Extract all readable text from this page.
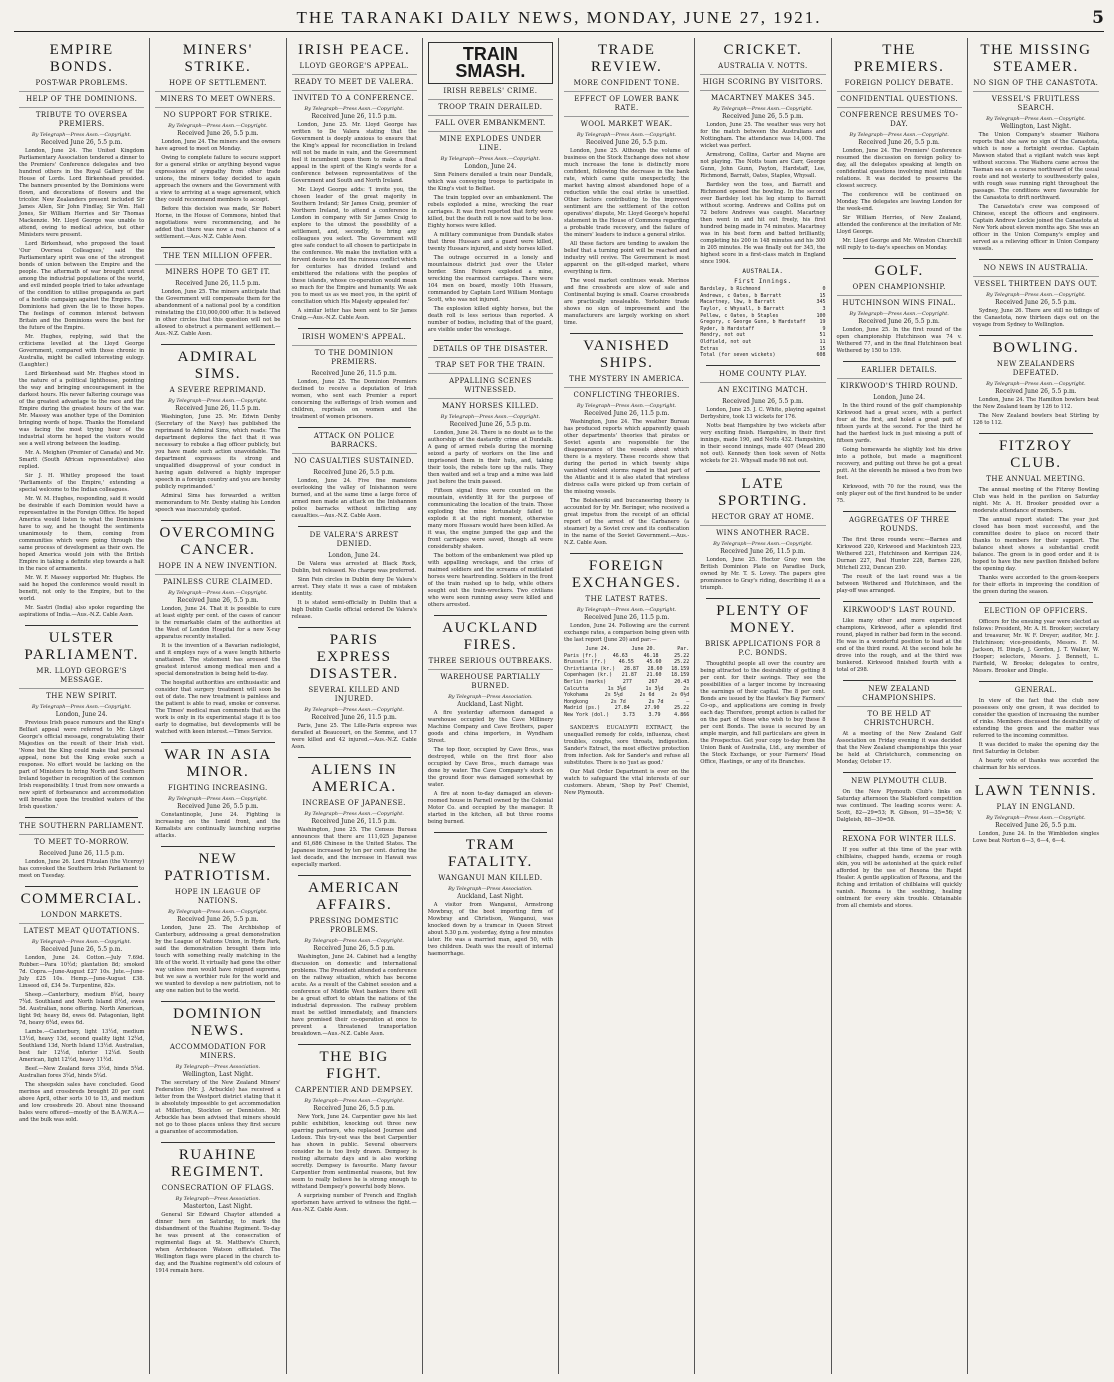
THE TARANAKI DAILY NEWS, MONDAY, JUNE 27, 1921.	5
EMPIRE BONDS.
POST-WAR PROBLEMS.
HELP OF THE DOMINIONS.
TRIBUTE TO OVERSEA PREMIERS.
By Telegraph—Press Assn.—Copyright.
Received June 26, 5.5 p.m.

London, June 24. The United Kingdom Parliamentary Association tendered a dinner to the Premiers' Conference delegates and two hundred others in the Royal Gallery of the House of Lords. Lord Birkenhead presided. The banners presented by the Dominions were flown, and decorations of flowers and the tricolor. New Zealanders present included Sir James Allen, Sir John Findlay, Sir Wm. Hall Jones, Sir William Herries and Sir Thomas Mackenzie. Mr. Lloyd George was unable to attend, owing to medical advice, but other Ministers were present.

Lord Birkenhead, who proposed the toast 'Our Oversea Colleagues,' said the Parliamentary spirit was one of the strongest bonds of union between the Empire and the people. The aftermath of war brought unrest among the industrial populations of the world, and evil minded people tried to take advantage of the condition to utilise propaganda as part of a hostile campaign against the Empire. The Dominions had given the lie to those hopes. The feelings of common interest between Britain and the Dominions were the best for the future of the Empire.

Mr. Hughes, replying, said that the criticisms levelled at the Lloyd George Government, compared with those chronic in Australia, might be called interesting eulogy. (Laughter.)

Lord Birkenhead said Mr. Hughes stood in the nature of a political lighthouse, pointing the way and bringing encouragement in the darkest hours. His never faltering courage was of the greatest advantage to the race and the Empire during the greatest hours of the war. Mr. Massey was another type of the Dominion bringing words of hope. Thanks the Homeland was facing the most trying hour of the industrial storm he hoped the visitors would see a well strong between the leading.

Mr. A. Meighen (Premier of Canada) and Mr. Smartt (South African representative) also replied.

Sir J. H. Whitley proposed the toast 'Parliaments of the Empire,' extending a special welcome to the Indian colleagues.

Mr. W. M. Hughes, responding, said it would be desirable if each Dominion would have a representative in the Foreign Office. He hoped America would listen to what the Dominions have to say, and he thought the sentiments unanimously to them, coming from communities which were going through the same process of development as their own. He hoped America would join with the British Empire in taking a definite step towards a halt in the race of armaments.

Mr. W. F. Massey supported Mr. Hughes. He said he hoped the conference would result in benefit, not only to the Empire, but to the world.

Mr. Sastri (India) also spoke regarding the aspirations of India.—Aus.-N.Z. Cable Assn.

ULSTER PARLIAMENT.
MR. LLOYD GEORGE'S MESSAGE.
THE NEW SPIRIT.
By Telegraph—Press Assn.—Copyright.
London, June 24.

Previous Irish peace rumours and the King's Belfast appeal were referred to Mr. Lloyd George's official message, congratulating their Majesties on the result of their Irish visit. 'None but the King could make that personal appeal, none but the King evoke such a response. No effort would be lacking on the part of Ministers to bring North and Southern Ireland together in recognition of the common Irish responsibility. I trust from now onwards a new spirit of forbearance and accommodation will breathe upon the troubled waters of the Irish question.'

THE SOUTHERN PARLIAMENT.
TO MEET TO-MORROW.
Received June 26, 11.5 p.m.

London, June 26. Lord Fitzalan (the Viceroy) has convoked the Southern Irish Parliament to meet on Tuesday.

COMMERCIAL.
LONDON MARKETS.
LATEST MEAT QUOTATIONS.
By Telegraph—Press Assn.—Copyright.
Received June 26, 5.5 p.m.

London, June 24. Cotton.—July 7.69d. Rubber.—Para 10½d; plantation 8d; smoked 7d. Copra.—June-August £27 10s. Jute.—June-July £25 10s. Hemp.—June-August £38. Linseed oil, £34 5s. Turpentine, 82s.

Sheep.—Canterbury, medium 8¼d, heavy 7¾d. Southland and North Island 8½d, ewes 5d. Australian, none offering. North American, light 9d; heavy 8d, ewes 6d. Patagonian, light 7d, heavy 6¾d, ewes 6d.

Lambs.—Canterbury, light 13½d, medium 13½d, heavy 13d, second quality light 12¾d, Southland 13d, North Island 13½d. Australian, best fair 12½d, inferior 12¼d. South American, light 12½d, heavy 11½d.

Beef.—New Zealand fores 3½d, hinds 5¾d. Australian fores 3¼d, hinds 5¼d.

The sheepskin sales have concluded. Good merinos and crossbreds brought 20 per cent above April, other sorts 10 to 15, and medium and low crossbreds 20. About nine thousand bales were offered—mostly of the B.A.W.R.A.—and the bulk was sold.

MINERS' STRIKE.
HOPE OF SETTLEMENT.
MINERS TO MEET OWNERS.
NO SUPPORT FOR STRIKE.
By Telegraph—Press Assn.—Copyright.
Received June 26, 5.5 p.m.

London, June 24. The miners and the owners have agreed to meet on Monday.

Owing to complete failure to secure support for a general strike or anything beyond vague expressions of sympathy from other trade unions, the miners today decided to again approach the owners and the Government with a view to arriving at a wage agreement, which they could recommend members to accept.

Before this decision was made, Sir Robert Horne, in the House of Commons, hinted that negotiations were recommencing, and he added that there was now a real chance of a settlement.—Aus.-N.Z. Cable Assn.

THE TEN MILLION OFFER.
MINERS HOPE TO GET IT.
Received June 26, 11.5 p.m.

London, June 25. The miners anticipate that the Government will compensate them for the abandonment of a national pool by a condition reinstating the £10,000,000 offer. It is believed in other circles that this question will not be allowed to obstruct a permanent settlement.—Aus.-N.Z. Cable Assn.

ADMIRAL SIMS.
A SEVERE REPRIMAND.
By Telegraph—Press Assn.—Copyright.
Received June 26, 11.5 p.m.

Washington, June 25. Mr. Edwin Denby (Secretary of the Navy) has published the reprimand to Admiral Sims, which reads: 'The department deplores the fact that it was necessary to rebuke a flag officer publicly, but you have made such action unavoidable. The department expresses its strong and unqualified disapproval of your conduct in having again delivered a highly improper speech in a foreign country and you are hereby publicly reprimanded.'

Admiral Sims has forwarded a written memorandum to Mr. Denby stating his London speech was inaccurately quoted.

OVERCOMING CANCER.
HOPE IN A NEW INVENTION.
PAINLESS CURE CLAIMED.
By Telegraph—Press Assn.—Copyright.
Received June 26, 5.5 p.m.

London, June 24. That it is possible to cure at least eighty per cent. of the cases of cancer is the remarkable claim of the authorities at the West of London Hospital for a new X-ray apparatus recently installed.

It is the invention of a Bavarian radiologist, and it employs rays of a wave length hitherto unattained. The statement has aroused the greatest interest among medical men and a special demonstration is being held to-day.

The hospital authorities are enthusiastic and consider that surgery treatment will soon be out of date. The new treatment is painless and the patient is able to read, smoke or converse. The Times' medical man comments that as the work is only in its experimental stage it is too early to dogmatise, but developments will be watched with keen interest.—Times Service.

WAR IN ASIA MINOR.
FIGHTING INCREASING.
By Telegraph—Press Assn.—Copyright.
Received June 26, 5.5 p.m.

Constantinople, June 24. Fighting is increasing on the Ismid front, and the Kemalists are continually launching surprise attacks.

NEW PATRIOTISM.
HOPE IN LEAGUE OF NATIONS.
By Telegraph—Press Assn.—Copyright.
Received June 26, 5.5 p.m.

London, June 25. The Archbishop of Canterbury, addressing a great demonstration by the League of Nations Union, in Hyde Park, said the demonstration brought them into touch with something really matching in the life of the world. It virtually had gone the other way unless men would have reigned supreme, but we saw a worthier rule for the world and we wanted to develop a new patriotism, not to any one nation but to the world.

DOMINION NEWS.
ACCOMMODATION FOR MINERS.
By Telegraph—Press Association.
Wellington, Last Night.

The secretary of the New Zealand Miners' Federation (Mr. J. Arbuckle) has received a letter from the Westport district stating that it is absolutely impossible to get accommodation at Millerton, Stockton or Denniston. Mr. Arbuckle has been advised that miners should not go to those places unless they first secure a guarantee of accommodation.

RUAHINE REGIMENT.
CONSECRATION OF FLAGS.
By Telegraph—Press Association.
Masterton, Last Night.

General Sir Edward Chaytor attended a dinner here on Saturday, to mark the disbandment of the Ruahine Regiment. To-day he was present at the consecration of regimental flags at St. Matthew's Church, when Archdeacon Watson officiated. The Wellington flags were placed in the church to-day, and the Ruahine regiment's old colours of 1914 remain here.

IRISH PEACE.
LLOYD GEORGE'S APPEAL.
READY TO MEET DE VALERA.
INVITED TO A CONFERENCE.
By Telegraph—Press Assn.—Copyright.
Received June 26, 11.5 p.m.

London, June 25. Mr. Lloyd George has written to De Valera stating that the Government is deeply anxious to ensure that the King's appeal for reconciliation in Ireland will not be made in vain, and the Government feel it incumbent upon them to make a final appeal in the spirit of the King's words for a conference between representatives of the Government and South and North Ireland.

Mr. Lloyd George adds: 'I invite you, the chosen leader of the great majority in Southern Ireland; Sir James Craig, premier of Northern Ireland, to attend a conference in London in company with Sir James Craig to explore to the utmost the possibility of a settlement, and, secondly, to bring any colleagues you select. The Government will give safe conduct to all chosen to participate in the conference. We make the invitation with a fervent desire to end the ruinous conflict which for centuries has divided Ireland and embittered the relations with the peoples of these islands, whose co-operation would mean so much for the Empire and humanity. We ask you to meet us as we meet you, in the spirit of conciliation which His Majesty appealed for.'

A similar letter has been sent to Sir James Craig.—Aus.-N.Z. Cable Assn.

IRISH WOMEN'S APPEAL.
TO THE DOMINION PREMIERS.
Received June 26, 11.5 p.m.

London, June 25. The Dominion Premiers declined to receive a deputation of Irish women, who sent each Premier a report concerning the sufferings of Irish women and children, reprisals on women and the treatment of women prisoners.

ATTACK ON POLICE BARRACKS.
NO CASUALTIES SUSTAINED.
Received June 26, 5.5 p.m.

London, June 24. Five fine mansions overlooking the valley of Inishannon were burned, and at the same time a large force of armed men made an attack on the Inishannon police barracks without inflicting any casualties.—Aus.-N.Z. Cable Assn.

DE VALERA'S ARREST DENIED.
London, June 24.

De Valera was arrested at Black Rock, Dublin, but released. No charge was preferred.

Sinn Fein circles in Dublin deny De Valera's arrest. They state it was a case of mistaken identity.

It is stated semi-officially in Dublin that a high Dublin Castle official ordered De Valera's release.

PARIS EXPRESS DISASTER.
SEVERAL KILLED AND INJURED.
By Telegraph—Press Assn.—Copyright.
Received June 26, 11.5 p.m.

Paris, June 25. The Lille-Paris express was derailed at Beaucourt, on the Somme, and 17 were killed and 42 injured.—Aus.-N.Z. Cable Assn.

ALIENS IN AMERICA.
INCREASE OF JAPANESE.
By Telegraph—Press Assn.—Copyright.
Received June 26, 11.5 p.m.

Washington, June 25. The Census Bureau announces that there are 111,025 Japanese and 61,686 Chinese in the United States. The Japanese increased by ten per cent. during the last decade, and the increase in Hawaii was especially marked.

AMERICAN AFFAIRS.
PRESSING DOMESTIC PROBLEMS.
By Telegraph—Press Assn.—Copyright.
Received June 26, 5.5 p.m.

Washington, June 24. Cabinet had a lengthy discussion on domestic and international problems. The President attended a conference on the railway situation, which has become acute. As a result of the Cabinet session and a conference of Middle West bankers there will be a great effort to obtain the nations of the industrial depression. The railway problem must be settled immediately, and financiers have promised their co-operation at once to prevent a threatened transportation breakdown.—Aus.-N.Z. Cable Assn.

THE BIG FIGHT.
CARPENTIER AND DEMPSEY.
By Telegraph—Press Assn.—Copyright.
Received June 26, 5.5 p.m.

New York, June 24. Carpentier gave his last public exhibition, knocking out three new sparring partners, who replaced Journee and Ledoux. This try-out was the best Carpentier has shown in public. Several observers consider he is too lively drawn. Dempsey is resting alternate days and is also working secretly. Dempsey is favourite. Many favour Carpentier from sentimental reasons, but few seem to really believe he is strong enough to withstand Dempsey's powerful body blows.

A surprising number of French and English sportsmen have arrived to witness the fight.—Aus.-N.Z. Cable Assn.

TRAIN SMASH.
IRISH REBELS' CRIME.
TROOP TRAIN DERAILED.
FALL OVER EMBANKMENT.
MINE EXPLODES UNDER LINE.
By Telegraph—Press Assn.—Copyright.
London, June 24.

Sinn Feiners derailed a train near Dundalk, which was conveying troops to participate in the King's visit to Belfast.

The train toppled over an embankment. The rebels exploded a mine, wrecking the rear carriages. It was first reported that forty were killed, but the death roll is now said to be less. Eighty horses were killed.

A military communique from Dundalk states that three Hussars and a guard were killed, twenty Hussars injured, and sixty horses killed.

The outrage occurred in a lonely and mountainous district just over the Ulster border. Sinn Feiners exploded a mine, wrecking the rearmost carriages. There were 104 men on board, mostly 10th Hussars, commanded by Captain Lord William Montagu Scott, who was not injured.

The explosion killed eighty horses, but the death roll is less serious than reported. A number of bodies, including that of the guard, are visible under the wreckage.

DETAILS OF THE DISASTER.
TRAP SET FOR THE TRAIN.
APPALLING SCENES WITNESSED.
MANY HORSES KILLED.
By Telegraph—Press Assn.—Copyright.
Received June 26, 5.5 p.m.

London, June 24. There is no doubt as to the authorship of the dastardly crime at Dundalk. A gang of armed rebels during the morning seized a party of workers on the line and imprisoned them in their huts, and, taking their tools, the rebels tore up the rails. They then waited and set a trap and a mine was laid just before the train passed.

Fifteen signal fires were counted on the mountain, evidently lit for the purpose of communicating the location of the train. Those exploding the mine fortunately failed to explode it at the right moment, otherwise many more Hussars would have been killed. As it was, the engine jumped the gap and the front carriages were saved, though all were considerably shaken.

The bottom of the embankment was piled up with appalling wreckage, and the cries of maimed soldiers and the screams of mutilated horses were heartrending. Soldiers in the front of the train rushed up to help, while others sought out the train-wreckers. Two civilians who were seen running away were killed and others arrested.

AUCKLAND FIRES.
THREE SERIOUS OUTBREAKS.
WAREHOUSE PARTIALLY BURNED.
By Telegraph—Press Association.
Auckland, Last Night.

A fire yesterday afternoon damaged a warehouse occupied by the Cave Millinery Machine Company and Cave Brothers, paper goods and china importers, in Wyndham Street.

The top floor, occupied by Cave Bros., was destroyed, while on the first floor also occupied by Cave Bros., much damage was done by water. The Cave Company's stock on the ground floor was damaged somewhat by water.

A fire at noon to-day damaged an eleven-roomed house in Parnell owned by the Colonial Motor Co. and occupied by the manager. It started in the kitchen, all but three rooms being burned.

TRAM FATALITY.
WANGANUI MAN KILLED.
By Telegraph—Press Association.
Auckland, Last Night.

A visitor from Wanganui, Armstrong Mowbray, of the boot importing firm of Mowbray and Christison, Wanganui, was knocked down by a tramcar in Queen Street about 5.30 p.m. yesterday, dying a few minutes later. He was a married man, aged 50, with two children. Death was the result of internal haemorrhage.

TRADE REVIEW.
MORE CONFIDENT TONE.
EFFECT OF LOWER BANK RATE.
WOOL MARKET WEAK.
By Telegraph—Press Assn.—Copyright.
Received June 26, 5.5 p.m.

London, June 25. Although the volume of business on the Stock Exchange does not show much increase the tone is distinctly more confident, following the decrease in the bank rate, which came quite unexpectedly, the market having almost abandoned hope of a reduction while the coal strike is unsettled. Other factors contributing to the improved sentiment are the settlement of the cotton operatives' dispute, Mr. Lloyd George's hopeful statement in the House of Commons regarding a probable trade recovery, and the failure of the miners' leaders to induce a general strike.

All these factors are tending to awaken the belief that a turning point will be reached and industry will revive. The Government is most apparent on the gilt-edged market, where everything is firm.

The wool market continues weak. Merinos and fine crossbreds are slow of sale and Continental buying is small. Coarse crossbreds are practically unsaleable. Yorkshire trade shows no sign of improvement and the manufacturers are largely working on short time.

VANISHED SHIPS.
THE MYSTERY IN AMERICA.
CONFLICTING THEORIES.
By Telegraph—Press Assn.—Copyright.
Received June 26, 11.5 p.m.

Washington, June 24. The weather Bureau has produced reports which apparently quash other departments' theories that pirates or Soviet agents are responsible for the disappearance of the vessels about which there is a mystery. These records show that during the period in which twenty ships vanished violent storms raged in that part of the Atlantic and it is also stated that wireless distress calls were picked up from certain of the missing vessels.

The Bolsheviki and buccaneering theory is accounted for by Mr. Beringer, who received a great impetus from the receipt of an official report of the arrest of the Carbanero (a steamer) by a Soviet crew and its confiscation in the name of the Soviet Government.—Aus.-N.Z. Cable Assn.

FOREIGN EXCHANGES.
THE LATEST RATES.
By Telegraph—Press Assn.—Copyright.
Received June 26, 11.5 p.m.

London, June 24. Following are the current exchange rates, a comparison being given with the last report (June 20) and par:—

June 24.	June 20.	Par.
Paris (fr.)	46.63	46.18	25.22
Brussels (fr.)	46.55	45.60	25.22
Christiania (kr.) 28.87 28.60 18.159
Copenhagen (kr.) 21.87 21.60 18.159
Berlin (marks)	277	267	20.43
Calcutta	1s 3⅝d	1s 3¾d	2s
Yokohama	2s 5½d	2s 6d	2s 0½d
Hongkong	2s 7d	2s 7d	—
Madrid (ps.)	27.84	27.90	25.22
New York (dol.)	3.73	3.79	4.866

SANDER'S EUCALYPTI EXTRACT, the unequalled remedy for colds, influenza, chest troubles, coughs, sore throats, indigestion. Sander's Extract, the most effective protection from infection. Ask for Sander's and refuse all substitutes. There is no 'just as good.'

Our Mail Order Department is ever on the watch to safeguard the vital interests of our customers. Abram, 'Shop by Post' Chemist, New Plymouth.

CRICKET.
AUSTRALIA V. NOTTS.
HIGH SCORING BY VISITORS.
MACARTNEY MAKES 345.
By Telegraph—Press Assn.—Copyright.
Received June 26, 5.5 p.m.

London, June 25. The weather was very hot for the match between the Australians and Nottingham. The attendance was 14,000. The wicket was perfect.

Armstrong, Collins, Carter and Mayne are not playing. The Notts team are Carr, George Gunn, John Gunn, Payton, Hardstaff, Lee, Richmond, Barratt, Oates, Staples, Whysall.

Bardsley won the toss, and Barratt and Richmond opened the bowling. In the second over Bardsley lost his leg stump to Barratt without scoring. Andrews and Collins put on 72 before Andrews was caught. Macartney then went in and hit out freely, his first hundred being made in 74 minutes. Macartney was in his best form and batted brilliantly, completing his 200 in 148 minutes and his 300 in 205 minutes. He was finally out for 345, the highest score in a first-class match in England since 1904.

AUSTRALIA.
First Innings.
Bardsley, b Richmond	0
Andrews, c Oates, b Barratt	15
Macartney, lbw, b Barratt	345
Taylor, c Whysall, b Barratt	3
Pellew, c Oates, b Staples	100
Gregory, c George Gunn, b Hardstaff	19
Ryder, b Hardstaff	9
Hendry, not out	51
Oldfield, not out	11
Extras	15
Total (for seven wickets)	608
HOME COUNTY PLAY.
AN EXCITING MATCH.
Received June 26, 5.5 p.m.

London, June 25. J. C. White, playing against Derbyshire, took 13 wickets for 176.

Notts beat Hampshire by two wickets after very exciting finish. Hampshire, in their first innings, made 190, and Notts 432. Hampshire, in their second innings, made 407 (Mead 280 not out). Kennedy then took seven of Notts wickets for 21. Whysall made 98 not out.

LATE SPORTING.
HECTOR GRAY AT HOME.
WINS ANOTHER RACE.
By Telegraph—Press Assn.—Copyright.
Received June 26, 11.5 p.m.

London, June 25. Hector Gray won the British Dominion Plate on Paradise Duck, owned by Mr. T. S. Lovey. The papers give prominence to Gray's riding, describing it as a triumph.

PLENTY OF MONEY.
BRISK APPLICATIONS FOR 8 P.C. BONDS.

Thoughtful people all over the country are being attracted to the desirability of getting 8 per cent. for their savings. They see the possibilities of a larger income by increasing the earnings of their capital. The 8 per cent. Bonds are issued by the Hawke's Bay Farmers' Co-op., and applications are coming in freely each day. Therefore, prompt action is called for on the part of those who wish to buy these 8 per cent Bonds. The issue is secured by an ample margin, and full particulars are given in the Prospectus. Get your copy to-day from the Union Bank of Australia, Ltd., any member of the Stock Exchange, or your Farmers' Head Office, Hastings, or any of its Branches.

THE PREMIERS.
FOREIGN POLICY DEBATE.
CONFIDENTIAL QUESTIONS.
CONFERENCE RESUMES TO-DAY.
By Telegraph—Press Assn.—Copyright.
Received June 26, 5.5 p.m.

London, June 24. The Premiers' Conference resumed the discussion on foreign policy to-day, all the delegates speaking at length on confidential questions involving most intimate relations. It was decided to preserve the closest secrecy.

The conference will be continued on Monday. The delegates are leaving London for the week-end.

Sir William Herries, of New Zealand, attended the conference at the invitation of Mr. Lloyd George.

Mr. Lloyd George and Mr. Winston Churchill will reply to to-day's speeches on Monday.

GOLF.
OPEN CHAMPIONSHIP.
HUTCHINSON WINS FINAL.
By Telegraph—Press Assn.—Copyright.
Received June 26, 5.5 p.m.

London, June 25. In the first round of the open championship Hutchinson was 74 v. Wethered 77, and in the final Hutchinson beat Wethered by 150 to 159.

EARLIER DETAILS.
KIRKWOOD'S THIRD ROUND.
London, June 24.

In the third round of the golf championship Kirkwood had a great score, with a perfect four at the first, and holed a great putt of fifteen yards at the second. For the third he had the hardest luck in just missing a putt of fifteen yards.

Going homewards he slightly lost his drive into a pothole, but made a magnificent recovery, and putting out three he got a great putt. At the eleventh he missed a two from two feet.

Kirkwood, with 70 for the round, was the only player out of the first hundred to be under 75.

AGGREGATES OF THREE ROUNDS.

The first three rounds were:—Barnes and Kirkwood 220, Kirkwood and Mackintosh 223, Wethered 221, Hutchinson and Kerrigan 224, Durnan 227, Paul Hunter 228, Barnes 226, Mitchell 232, Duncan 230.

The result of the last round was a tie between Wethered and Hutchinson, and the play-off was arranged.

KIRKWOOD'S LAST ROUND.

Like many other and more experienced champions, Kirkwood, after a splendid first round, played in rather bad form in the second. He was in a wonderful position to lead at the end of the third round. At the second hole he drove into the rough, and at the third was bunkered. Kirkwood finished fourth with a total of 298.

NEW ZEALAND CHAMPIONSHIPS.
TO BE HELD AT CHRISTCHURCH.

At a meeting of the New Zealand Golf Association on Friday evening it was decided that the New Zealand championships this year be held at Christchurch, commencing on Monday, October 17.

NEW PLYMOUTH CLUB.

On the New Plymouth Club's links on Saturday afternoon the Stableford competition was continued. The leading scores were: A. Scott, 82—29=53; R. Gibson, 91—35=56; V. Dalgleish, 88—30=58.

REXONA FOR WINTER ILLS.

If you suffer at this time of the year with chilblains, chapped hands, eczema or rough skin, you will be astonished at the quick relief afforded by the use of Rexona the Rapid Healer. A gentle application of Rexona, and the itching and irritation of chilblains will quickly vanish. Rexona is the soothing, healing ointment for every skin trouble. Obtainable from all chemists and stores.

THE MISSING STEAMER.
NO SIGN OF THE CANASTOTA.
VESSEL'S FRUITLESS SEARCH.
By Telegraph—Press Assn.—Copyright.
Wellington, Last Night.

The Union Company's steamer Waihora reports that she saw no sign of the Canastota, which is now a fortnight overdue. Captain Mawson stated that a vigilant watch was kept without success. The Waihora came across the Tasman sea on a course northward of the usual route and not westerly to southwesterly gales, with rough seas running right throughout the passage. The conditions were favourable for the Canastota to drift northward.

The Canastota's crew was composed of Chinese, except the officers and engineers. Captain Andrew Lockie joined the Canastota at New York about eleven months ago. She was an officer in the Union Company's employ and served as a relieving officer in Union Company vessels.

NO NEWS IN AUSTRALIA.
VESSEL THIRTEEN DAYS OUT.
By Telegraph—Press Assn.—Copyright.
Received June 26, 5.5 p.m.

Sydney, June 26. There are still no tidings of the Canastota, now thirteen days out on the voyage from Sydney to Wellington.

BOWLING.
NEW ZEALANDERS DEFEATED.
By Telegraph—Press Assn.—Copyright.
Received June 26, 5.5 p.m.

London, June 24. The Hamilton bowlers beat the New Zealand team by 126 to 112.

The New Zealand bowlers beat Stirling by 126 to 112.

FITZROY CLUB.
THE ANNUAL MEETING.

The annual meeting of the Fitzroy Bowling Club was held in the pavilion on Saturday night. Mr. A. H. Brooker presided over a moderate attendance of members.

The annual report stated: The year just closed has been most successful, and the committee desire to place on record their thanks to members for their support. The balance sheet shows a substantial credit balance. The green is in good order and it is hoped to have the new pavilion finished before the opening day.

Thanks were accorded to the green-keepers for their efforts in improving the condition of the green during the season.

ELECTION OF OFFICERS.

Officers for the ensuing year were elected as follows: President, Mr. A. H. Brooker; secretary and treasurer, Mr. W. F. Dreyer; auditor, Mr. J. Hutchinson; vice-presidents, Messrs. F. M. Jackson, H. Dingle, J. Gordon, J. T. Walker, W. Hooper; selectors, Messrs. J. Bennett, L. Fairfield, W. Brooke; delegates to centre, Messrs. Brooker and Dingle.

GENERAL.

In view of the fact that the club now possesses only one green, it was decided to consider the question of increasing the number of rinks. Members discussed the desirability of extending the green and the matter was referred to the incoming committee.

It was decided to make the opening day the first Saturday in October.

A hearty vote of thanks was accorded the chairman for his services.

LAWN TENNIS.
PLAY IN ENGLAND.
By Telegraph—Press Assn.—Copyright.
Received June 26, 5.5 p.m.

London, June 24. In the Wimbledon singles Lowe beat Norton 6—3, 6—4, 6—4.
